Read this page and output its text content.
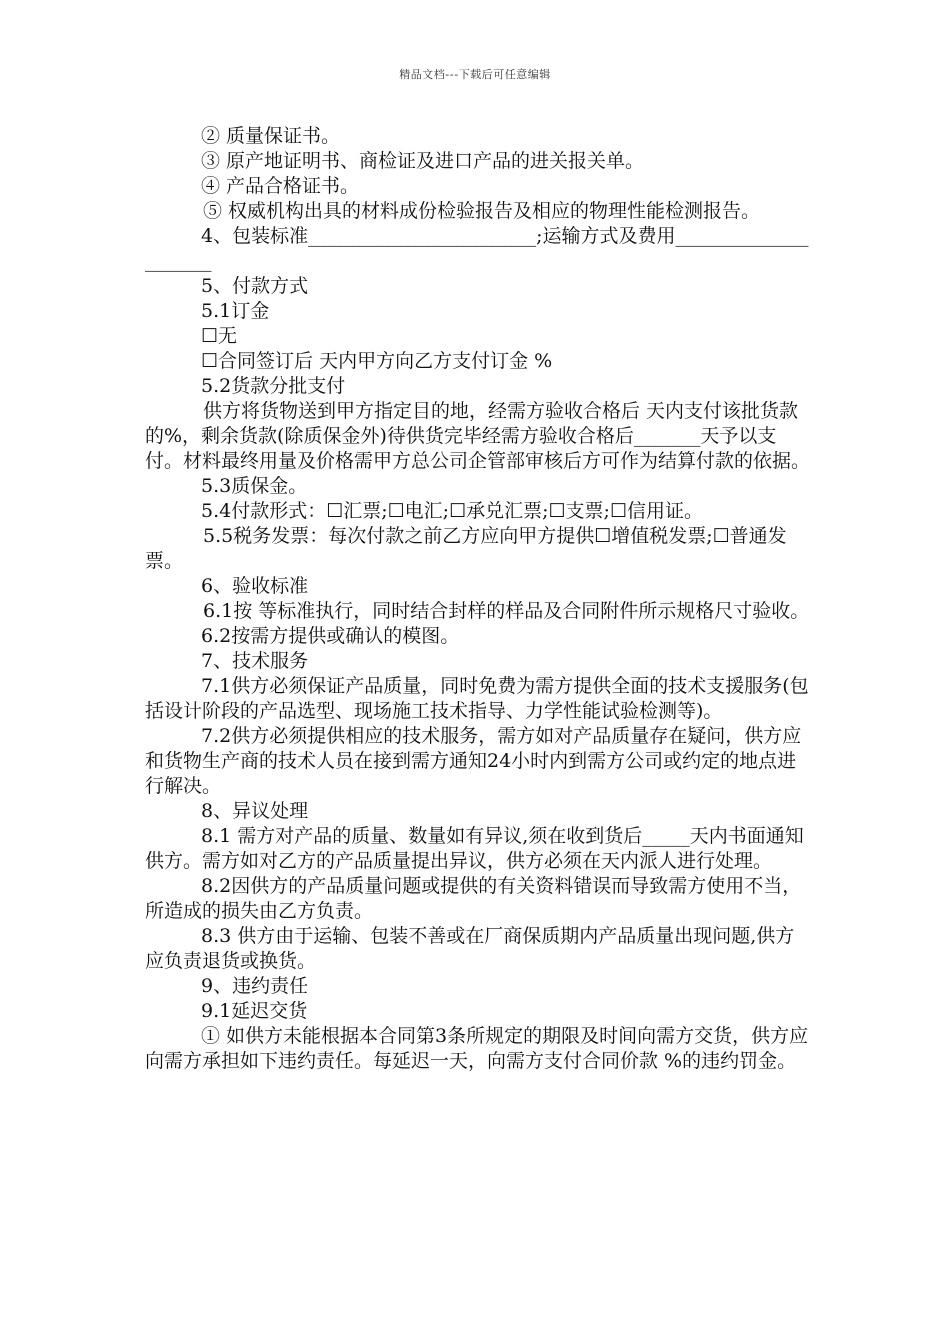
精品文档---下载后可任意编辑

② 质量保证书。

③ 原产地证明书、商检证及进口产品的进关报关单。

④ 产品合格证书。

⑤ 权威机构出具的材料成份检验报告及相应的物理性能检测报告。

4、包装标准________________________;运输方式及费用_____________________

5、付款方式

5.1订金

☐无

☐合同签订后 天内甲方向乙方支付订金 %

5.2货款分批支付

供方将货物送到甲方指定目的地，经需方验收合格后 天内支付该批货款的%，剩余货款(除质保金外)待供货完毕经需方验收合格后_______天予以支付。材料最终用量及价格需甲方总公司企管部审核后方可作为结算付款的依据。

5.3质保金。

5.4付款形式：☐汇票;☐电汇;☐承兑汇票;☐支票;☐信用证。

5.5税务发票：每次付款之前乙方应向甲方提供☐增值税发票;☐普通发票。

6、验收标准

6.1按 等标准执行，同时结合封样的样品及合同附件所示规格尺寸验收。

6.2按需方提供或确认的模图。

7、技术服务

7.1供方必须保证产品质量，同时免费为需方提供全面的技术支援服务(包括设计阶段的产品选型、现场施工技术指导、力学性能试验检测等)。

7.2供方必须提供相应的技术服务，需方如对产品质量存在疑问，供方应和货物生产商的技术人员在接到需方通知24小时内到需方公司或约定的地点进行解决。

8、异议处理

8.1 需方对产品的质量、数量如有异议,须在收到货后_____天内书面通知供方。需方如对乙方的产品质量提出异议，供方必须在天内派人进行处理。

8.2因供方的产品质量问题或提供的有关资料错误而导致需方使用不当，所造成的损失由乙方负责。

8.3 供方由于运输、包装不善或在厂商保质期内产品质量出现问题,供方应负责退货或换货。

9、违约责任

9.1延迟交货

① 如供方未能根据本合同第3条所规定的期限及时间向需方交货，供方应向需方承担如下违约责任。每延迟一天，向需方支付合同价款 %的违约罚金。
